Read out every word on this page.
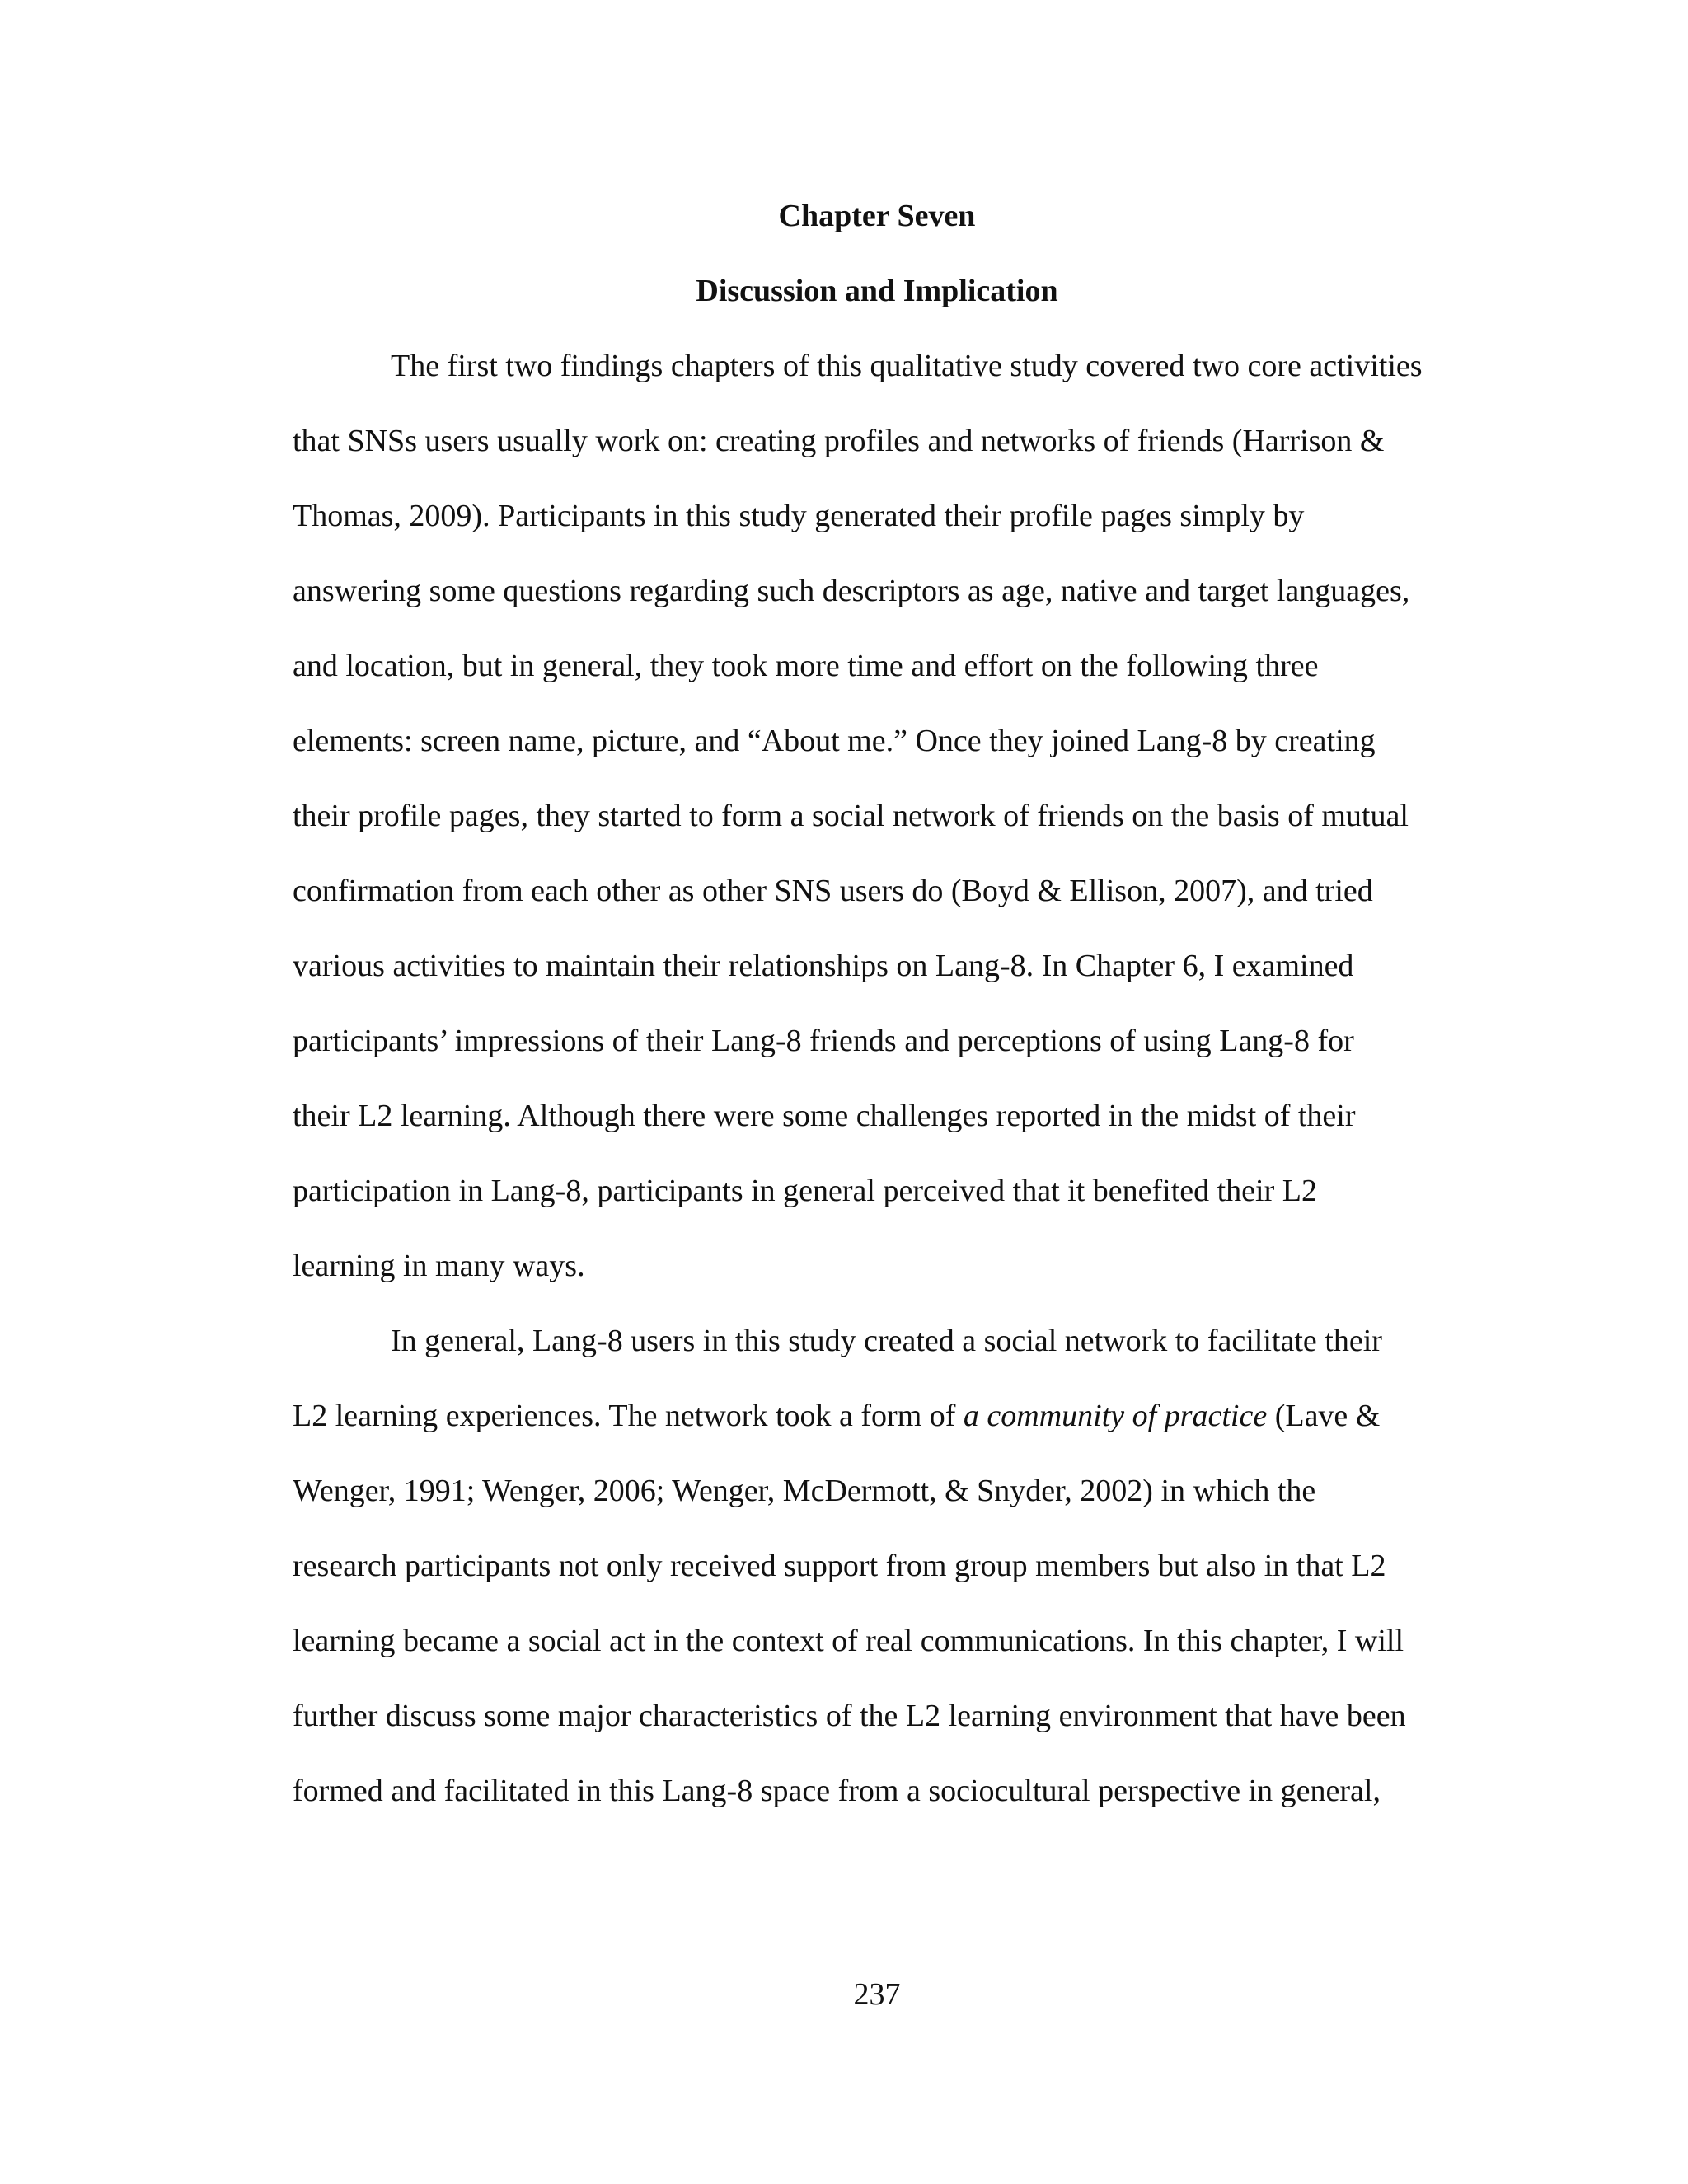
Chapter Seven
Discussion and Implication

The first two findings chapters of this qualitative study covered two core activities

that SNSs users usually work on: creating profiles and networks of friends (Harrison &

Thomas, 2009). Participants in this study generated their profile pages simply by

answering some questions regarding such descriptors as age, native and target languages,

and location, but in general, they took more time and effort on the following three

elements: screen name, picture, and “About me.” Once they joined Lang-8 by creating

their profile pages, they started to form a social network of friends on the basis of mutual

confirmation from each other as other SNS users do (Boyd & Ellison, 2007), and tried

various activities to maintain their relationships on Lang-8. In Chapter 6, I examined

participants’ impressions of their Lang-8 friends and perceptions of using Lang-8 for

their L2 learning. Although there were some challenges reported in the midst of their

participation in Lang-8, participants in general perceived that it benefited their L2

learning in many ways.

In general, Lang-8 users in this study created a social network to facilitate their

L2 learning experiences. The network took a form of a community of practice (Lave &

Wenger, 1991; Wenger, 2006; Wenger, McDermott, & Snyder, 2002) in which the

research participants not only received support from group members but also in that L2

learning became a social act in the context of real communications. In this chapter, I will

further discuss some major characteristics of the L2 learning environment that have been

formed and facilitated in this Lang-8 space from a sociocultural perspective in general,

237
